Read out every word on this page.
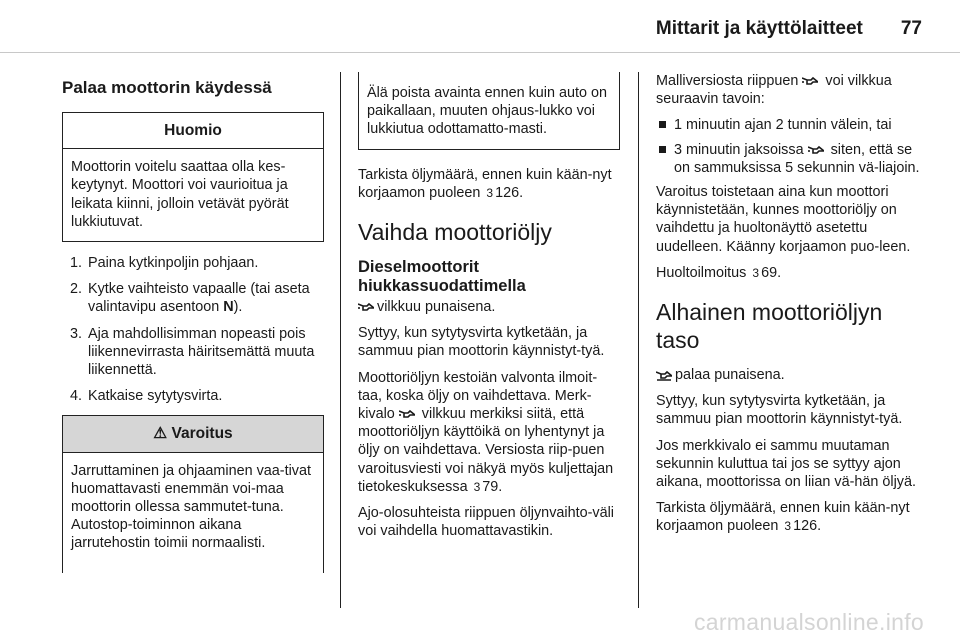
Mittarit ja käyttölaitteet 77
Palaa moottorin käydessä
Huomio
Moottorin voitelu saattaa olla kes-keytynyt. Moottori voi vaurioitua ja leikata kiinni, jolloin vetävät pyörät lukkiutuvat.
1. Paina kytkinpoljin pohjaan.
2. Kytke vaihteisto vapaalle (tai aseta valintavipu asentoon N).
3. Aja mahdollisimman nopeasti pois liikennevirrasta häiritsemättä muuta liikennettä.
4. Katkaise sytytysvirta.
⚠ Varoitus
Jarruttaminen ja ohjaaminen vaa-tivat huomattavasti enemmän voi-maa moottorin ollessa sammutet-tuna. Autostop-toiminnon aikana jarrutehostin toimii normaalisti.
Älä poista avainta ennen kuin auto on paikallaan, muuten ohjaus-lukko voi lukkiutua odottamatto-masti.

Tarkista öljymäärä, ennen kuin kään-nyt korjaamon puoleen 3 126.

Vaihda moottoriöljy
Dieselmoottorit hiukkassuodattimella

vilkkuu punaisena.

Syttyy, kun sytytysvirta kytketään, ja sammuu pian moottorin käynnistyt-tyä.

Moottoriöljyn kestoiän valvonta ilmoit-taa, koska öljy on vaihdettava. Merk-kivalo
vilkkuu merkiksi siitä, että moottoriöljyn käyttöikä on lyhentynyt ja öljy on vaihdettava. Versiosta riip-puen varoitusviesti voi näkyä myös kuljettajan tietokeskuksessa 3 79.

Ajo-olosuhteista riippuen öljynvaihto-väli voi vaihdella huomattavastikin.

Malliversiosta riippuen
voi vilkkua seuraavin tavoin:

1 minuutin ajan 2 tunnin välein, tai
3 minuutin jaksoissa
siten, että se on sammuksissa 5 sekunnin vä-liajoin.

Varoitus toistetaan aina kun moottori käynnistetään, kunnes moottoriöljy on vaihdettu ja huoltonäyttö asetettu uudelleen. Käänny korjaamon puo-leen.

Huoltoilmoitus 3 69.

Alhainen moottoriöljyn taso

palaa punaisena.

Syttyy, kun sytytysvirta kytketään, ja sammuu pian moottorin käynnistyt-tyä.

Jos merkkivalo ei sammu muutaman sekunnin kuluttua tai jos se syttyy ajon aikana, moottorissa on liian vä-hän öljyä.

Tarkista öljymäärä, ennen kuin kään-nyt korjaamon puoleen 3 126.

carmanualsonline.info
